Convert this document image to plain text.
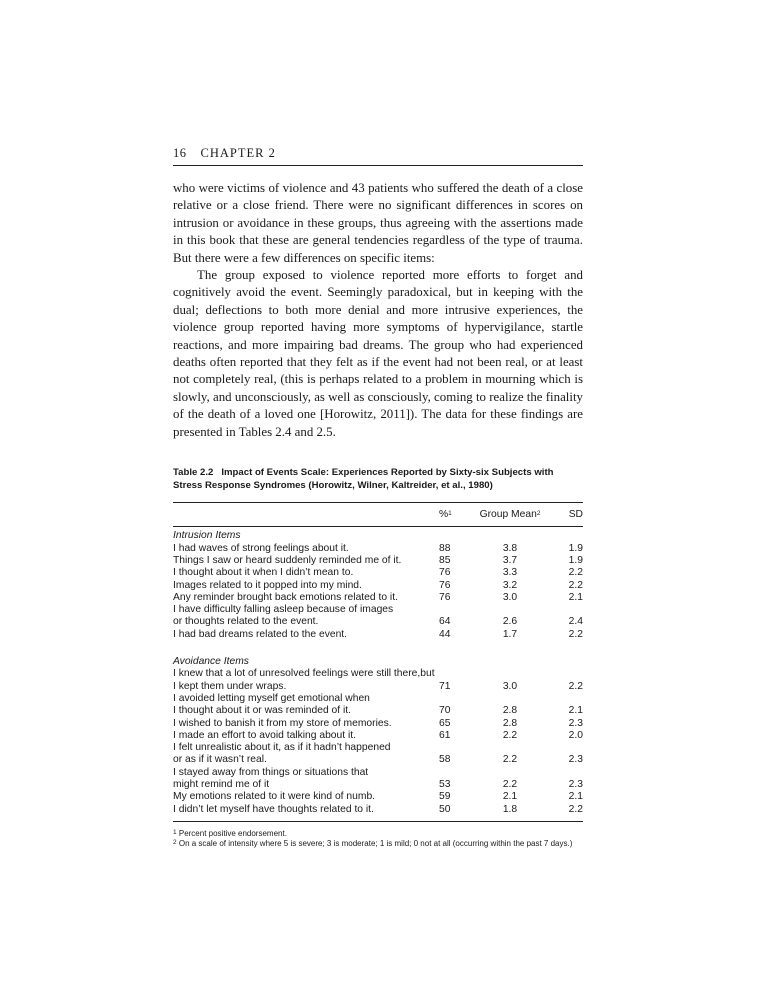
16 CHAPTER 2

who were victims of violence and 43 patients who suffered the death of a close relative or a close friend. There were no significant differences in scores on intrusion or avoidance in these groups, thus agreeing with the assertions made in this book that these are general tendencies regardless of the type of trauma. But there were a few differences on specific items:

The group exposed to violence reported more efforts to forget and cognitively avoid the event. Seemingly paradoxical, but in keeping with the dual; deflections to both more denial and more intrusive experiences, the violence group reported having more symptoms of hypervigilance, startle reactions, and more impairing bad dreams. The group who had experienced deaths often reported that they felt as if the event had not been real, or at least not completely real, (this is perhaps related to a problem in mourning which is slowly, and unconsciously, as well as consciously, coming to realize the finality of the death of a loved one [Horowitz, 2011]). The data for these findings are presented in Tables 2.4 and 2.5.

Table 2.2 Impact of Events Scale: Experiences Reported by Sixty-six Subjects with Stress Response Syndromes (Horowitz, Wilner, Kaltreider, et al., 1980)
	%$^1$	Group Mean$^2$	SD
Intrusion Items			
I had waves of strong feelings about it.	88	3.8	1.9
Things I saw or heard suddenly reminded me of it.	85	3.7	1.9
I thought about it when I didn’t mean to.	76	3.3	2.2
Images related to it popped into my mind.	76	3.2	2.2
Any reminder brought back emotions related to it.	76	3.0	2.1
I have difficulty falling asleep because of images			
or thoughts related to the event.	64	2.6	2.4
I had bad dreams related to the event.	44	1.7	2.2

Avoidance Items			
I knew that a lot of unresolved feelings were still there,but			
I kept them under wraps.	71	3.0	2.2
I avoided letting myself get emotional when			
I thought about it or was reminded of it.	70	2.8	2.1
I wished to banish it from my store of memories.	65	2.8	2.3
I made an effort to avoid talking about it.	61	2.2	2.0
I felt unrealistic about it, as if it hadn’t happened			
or as if it wasn’t real.	58	2.2	2.3
I stayed away from things or situations that			
might remind me of it	53	2.2	2.3
My emotions related to it were kind of numb.	59	2.1	2.1
I didn’t let myself have thoughts related to it.	50	1.8	2.2
$^1$ Percent positive endorsement.
$^2$ On a scale of intensity where 5 is severe; 3 is moderate; 1 is mild; 0 not at all (occurring within the past 7 days.)
